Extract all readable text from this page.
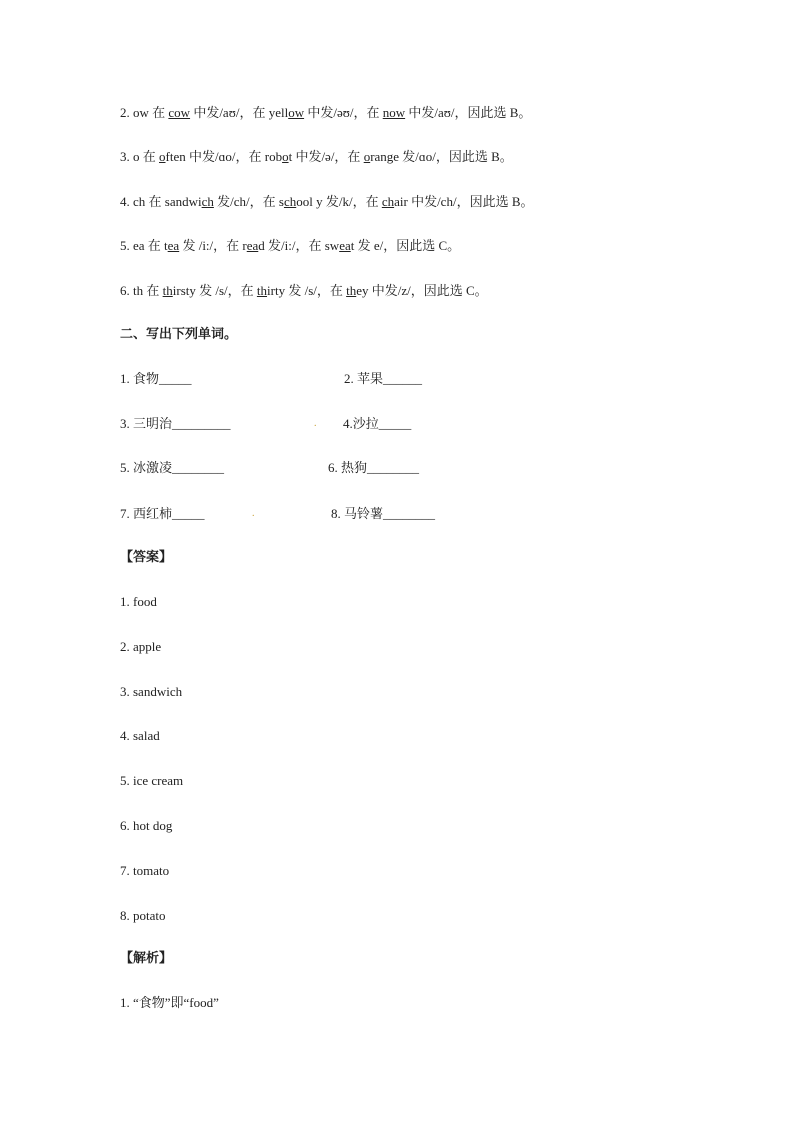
2. ow 在 cow 中发/aʊ/，在 yellow 中发/əʊ/，在 now 中发/aʊ/，因此选 B。
3. o 在 often 中发/ɑo/，在 robot 中发/ə/，在 orange 发/ɑo/，因此选 B。
4. ch 在 sandwich 发/ch/，在 school y 发/k/，在 chair 中发/ch/，因此选 B。
5. ea 在 tea 发 /i:/，在 read 发/i:/，在 sweat 发 e/，因此选 C。
6. th 在 thirsty 发 /s/，在 thirty 发 /s/，在 they 中发/z/，因此选 C。
二、写出下列单词。
1. 食物_____	2. 苹果______
3. 三明治_________	4.沙拉_____
5. 冰激凌________	6. 热狗________
7. 西红柿_____	8. 马铃薯________
.
.
【答案】
1. food
2. apple
3. sandwich
4. salad
5. ice cream
6. hot dog
7. tomato
8. potato
【解析】
1. “食物”即“food”
